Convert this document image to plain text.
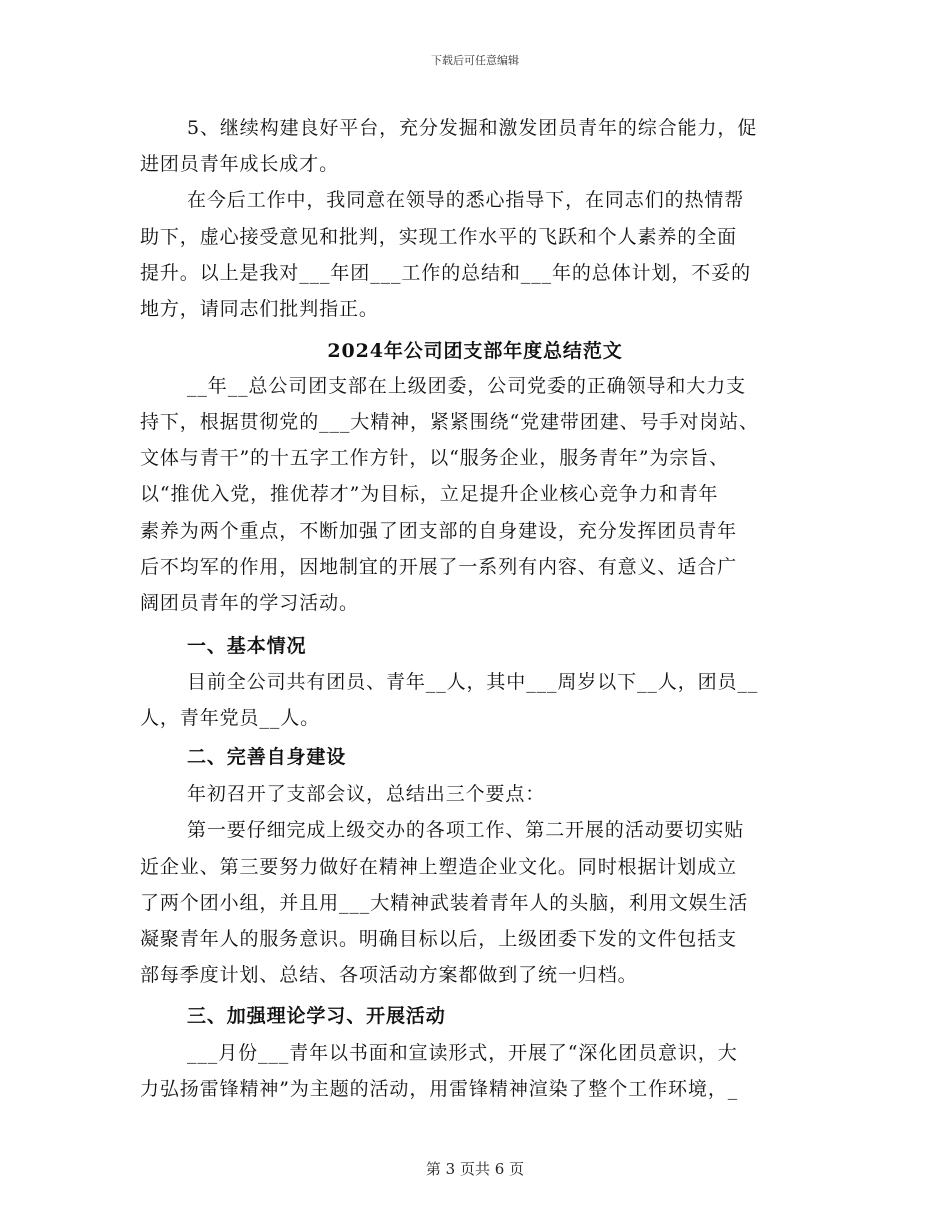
下载后可任意编辑
5、继续构建良好平台，充分发掘和激发团员青年的综合能力，促
进团员青年成长成才。
在今后工作中，我同意在领导的悉心指导下，在同志们的热情帮
助下，虚心接受意见和批判，实现工作水平的飞跃和个人素养的全面
提升。以上是我对___年团___工作的总结和___年的总体计划，不妥的
地方，请同志们批判指正。
2024年公司团支部年度总结范文
__年__总公司团支部在上级团委，公司党委的正确领导和大力支
持下，根据贯彻党的___大精神，紧紧围绕“党建带团建、号手对岗站、
文体与青干”的十五字工作方针，以“服务企业，服务青年”为宗旨、
以“推优入党，推优荐才”为目标，立足提升企业核心竞争力和青年
素养为两个重点，不断加强了团支部的自身建设，充分发挥团员青年
后不均军的作用，因地制宜的开展了一系列有内容、有意义、适合广
阔团员青年的学习活动。
一、基本情况
目前全公司共有团员、青年__人，其中___周岁以下__人，团员__
人，青年党员__人。
二、完善自身建设
年初召开了支部会议，总结出三个要点：
第一要仔细完成上级交办的各项工作、第二开展的活动要切实贴
近企业、第三要努力做好在精神上塑造企业文化。同时根据计划成立
了两个团小组，并且用___大精神武装着青年人的头脑，利用文娱生活
凝聚青年人的服务意识。明确目标以后，上级团委下发的文件包括支
部每季度计划、总结、各项活动方案都做到了统一归档。
三、加强理论学习、开展活动
___月份___青年以书面和宣读形式，开展了“深化团员意识，大
力弘扬雷锋精神”为主题的活动，用雷锋精神渲染了整个工作环境，_
第 3 页共 6 页
